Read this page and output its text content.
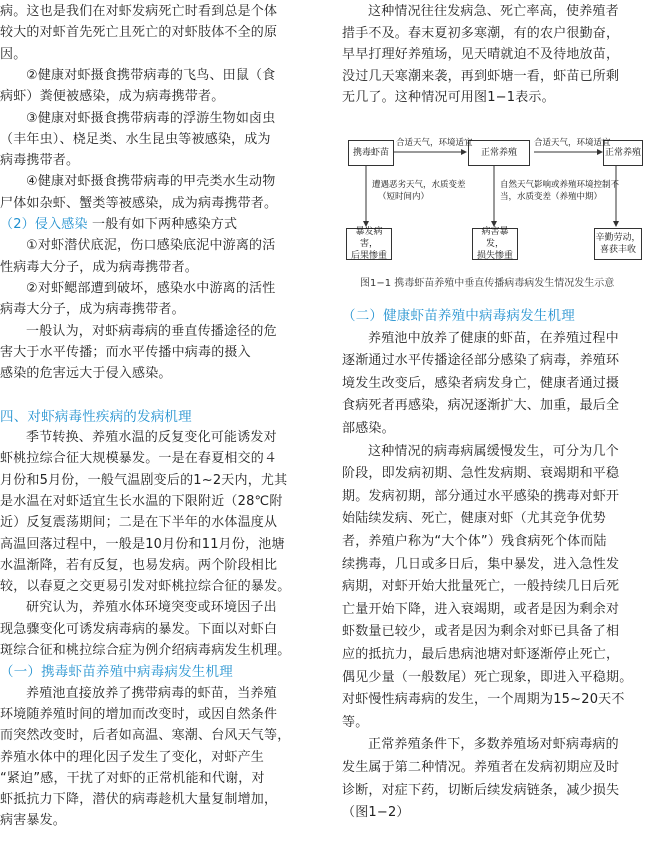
病。这也是我们在对虾发病死亡时看到总是个体
较大的对虾首先死亡且死亡的对虾肢体不全的原
因。
②健康对虾摄食携带病毒的飞鸟、田鼠（食
病虾）粪便被感染，成为病毒携带者。
③健康对虾摄食携带病毒的浮游生物如卤虫
（丰年虫）、桡足类、水生昆虫等被感染，成为
病毒携带者。
④健康对虾摄食携带病毒的甲壳类水生动物
尸体如杂虾、蟹类等被感染，成为病毒携带者。
（2）侵入感染 一般有如下两种感染方式
①对虾潜伏底泥，伤口感染底泥中游离的活
性病毒大分子，成为病毒携带者。
②对虾鳃部遭到破坏，感染水中游离的活性
病毒大分子，成为病毒携带者。
一般认为，对虾病毒病的垂直传播途径的危
害大于水平传播；而水平传播中病毒的摄入
感染的危害远大于侵入感染。
四、对虾病毒性疾病的发病机理
季节转换、养殖水温的反复变化可能诱发对
虾桃拉综合征大规模暴发。一是在春夏相交的４
月份和5月份，一般气温剧变后的1~2天内，尤其
是水温在对虾适宜生长水温的下限附近（28℃附
近）反复震荡期间；二是在下半年的水体温度从
高温回落过程中，一般是10月份和11月份，池塘
水温渐降，若有反复，也易发病。两个阶段相比
较，以春夏之交更易引发对虾桃拉综合征的暴发。
研究认为，养殖水体环境突变或环境因子出
现急骤变化可诱发病毒病的暴发。下面以对虾白
斑综合征和桃拉综合症为例介绍病毒病发生机理。
（一）携毒虾苗养殖中病毒病发生机理
养殖池直接放养了携带病毒的虾苗，当养殖
环境随养殖时间的增加而改变时，或因自然条件
而突然改变时，后者如高温、寒潮、台风天气等，
养殖水体中的理化因子发生了变化，对虾产生
“紧迫”感，干扰了对虾的正常机能和代谢，对
虾抵抗力下降，潜伏的病毒趁机大量复制增加，
病害暴发。
这种情况往往发病急、死亡率高，使养殖者
措手不及。春末夏初多寒潮，有的农户很勤奋，
早早打理好养殖场，见天晴就迫不及待地放苗，
没过几天寒潮来袭，再到虾塘一看，虾苗已所剩
无几了。这种情况可用图1−1表示。
携毒虾苗	正常养殖	正常养殖
合适天气，环境适宜	合适天气，环境适宜
遭遇恶劣天气，水质变差
（短时间内）
自然天气影响或养殖环境控制不
当，水质变差（养殖中期）
暴发病害，
后果惨重
病害暴发，
损失惨重
辛勤劳动，
喜获丰收
图1−1 携毒虾苗养殖中垂直传播病毒病发生情况发生示意
（二）健康虾苗养殖中病毒病发生机理
养殖池中放养了健康的虾苗，在养殖过程中
逐渐通过水平传播途径部分感染了病毒，养殖环
境发生改变后，感染者病发身亡，健康者通过摄
食病死者再感染，病况逐渐扩大、加重，最后全
部感染。
这种情况的病毒病属缓慢发生，可分为几个
阶段，即发病初期、急性发病期、衰竭期和平稳
期。发病初期，部分通过水平感染的携毒对虾开
始陆续发病、死亡，健康对虾（尤其竞争优势
者，养殖户称为“大个体”）残食病死个体而陆
续携毒，几日或多日后，集中暴发，进入急性发
病期，对虾开始大批量死亡，一般持续几日后死
亡量开始下降，进入衰竭期，或者是因为剩余对
虾数量已较少，或者是因为剩余对虾已具备了相
应的抵抗力，最后患病池塘对虾逐渐停止死亡，
偶见少量（一般数尾）死亡现象，即进入平稳期。
对虾慢性病毒病的发生，一个周期为15~20天不
等。
正常养殖条件下，多数养殖场对虾病毒病的
发生属于第二种情况。养殖者在发病初期应及时
诊断，对症下药，切断后续发病链条，减少损失
（图1−2）
